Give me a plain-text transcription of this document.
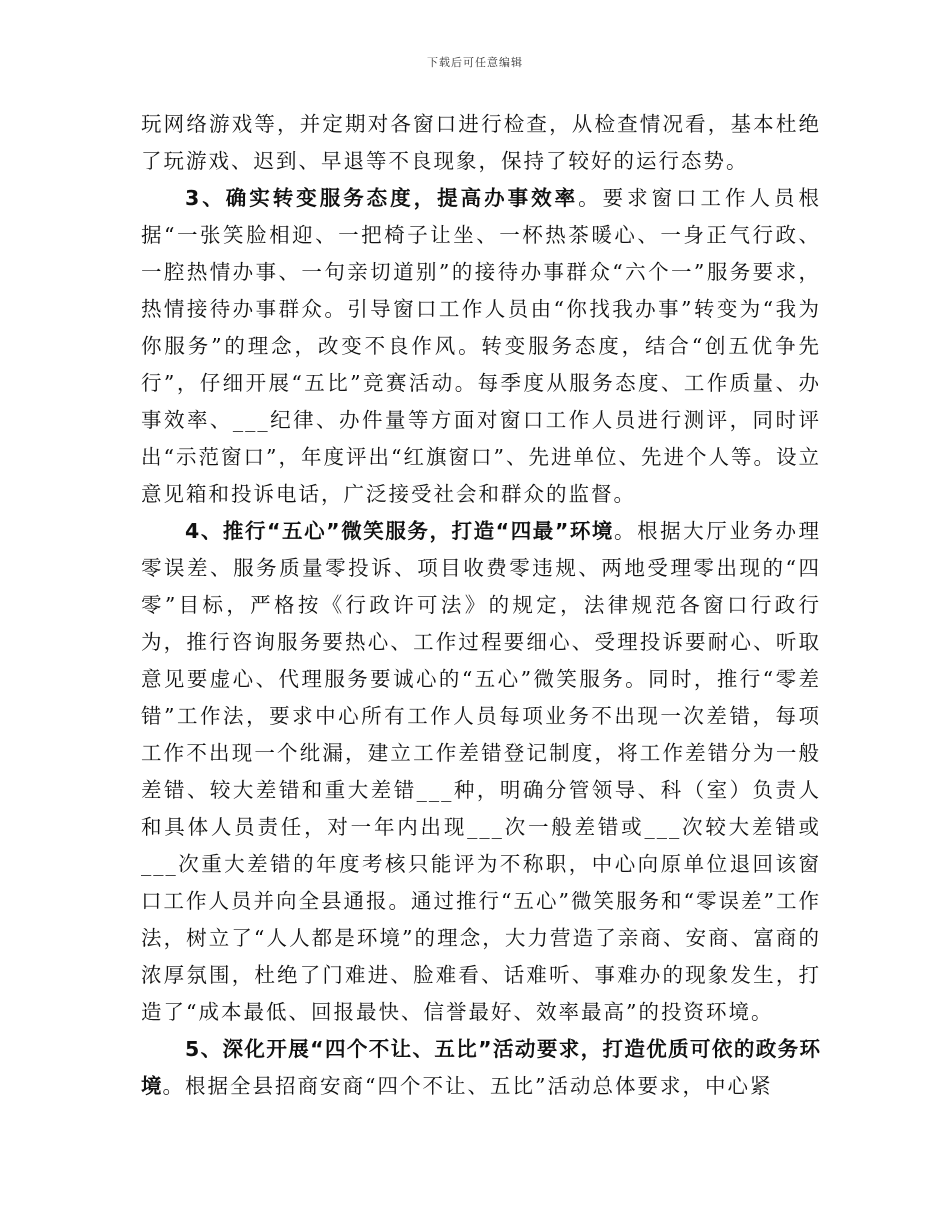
下载后可任意编辑

玩网络游戏等，并定期对各窗口进行检查，从检查情况看，基本杜绝了玩游戏、迟到、早退等不良现象，保持了较好的运行态势。

3、确实转变服务态度，提高办事效率。要求窗口工作人员根据“一张笑脸相迎、一把椅子让坐、一杯热茶暖心、一身正气行政、一腔热情办事、一句亲切道别”的接待办事群众“六个一”服务要求，热情接待办事群众。引导窗口工作人员由“你找我办事”转变为“我为你服务”的理念，改变不良作风。转变服务态度，结合“创五优争先行”，仔细开展“五比”竞赛活动。每季度从服务态度、工作质量、办事效率、___纪律、办件量等方面对窗口工作人员进行测评，同时评出“示范窗口”，年度评出“红旗窗口”、先进单位、先进个人等。设立意见箱和投诉电话，广泛接受社会和群众的监督。

4、推行“五心”微笑服务，打造“四最”环境。根据大厅业务办理零误差、服务质量零投诉、项目收费零违规、两地受理零出现的“四零”目标，严格按《行政许可法》的规定，法律规范各窗口行政行为，推行咨询服务要热心、工作过程要细心、受理投诉要耐心、听取意见要虚心、代理服务要诚心的“五心”微笑服务。同时，推行“零差错”工作法，要求中心所有工作人员每项业务不出现一次差错，每项工作不出现一个纰漏，建立工作差错登记制度，将工作差错分为一般差错、较大差错和重大差错___种，明确分管领导、科（室）负责人和具体人员责任，对一年内出现___次一般差错或___次较大差错或___次重大差错的年度考核只能评为不称职，中心向原单位退回该窗口工作人员并向全县通报。通过推行“五心”微笑服务和“零误差”工作法，树立了“人人都是环境”的理念，大力营造了亲商、安商、富商的浓厚氛围，杜绝了门难进、脸难看、话难听、事难办的现象发生，打造了“成本最低、回报最快、信誉最好、效率最高”的投资环境。

5、深化开展“四个不让、五比”活动要求，打造优质可依的政务环境。根据全县招商安商“四个不让、五比”活动总体要求，中心紧
